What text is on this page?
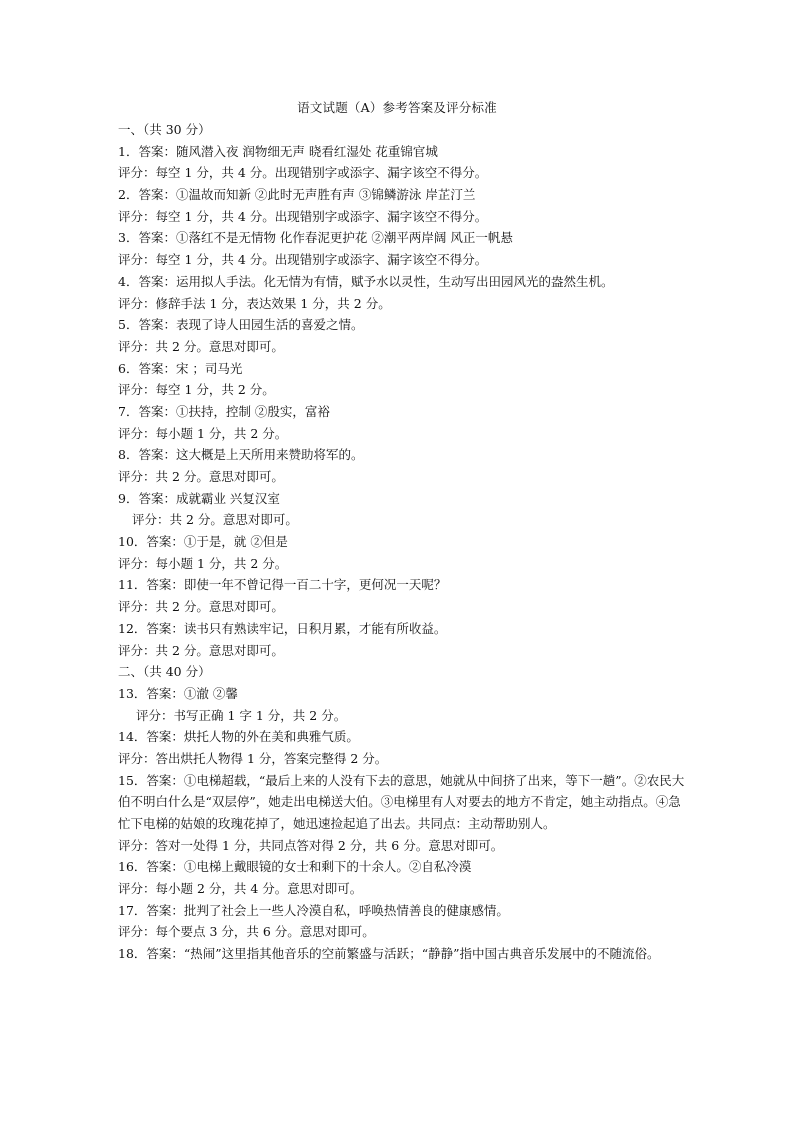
语文试题（A）参考答案及评分标准
一、（共 30 分）
1．答案：随风潜入夜 润物细无声 晓看红湿处 花重锦官城
评分：每空 1 分，共 4 分。出现错别字或添字、漏字该空不得分。
2．答案：①温故而知新 ②此时无声胜有声 ③锦鳞游泳 岸芷汀兰
评分：每空 1 分，共 4 分。出现错别字或添字、漏字该空不得分。
3．答案：①落红不是无情物 化作春泥更护花 ②潮平两岸阔 风正一帆悬
评分：每空 1 分，共 4 分。出现错别字或添字、漏字该空不得分。
4．答案：运用拟人手法。化无情为有情，赋予水以灵性，生动写出田园风光的盎然生机。
评分：修辞手法 1 分，表达效果 1 分，共 2 分。
5．答案：表现了诗人田园生活的喜爱之情。
评分：共 2 分。意思对即可。
6．答案：宋 ；司马光
评分：每空 1 分，共 2 分。
7．答案：①扶持，控制 ②殷实，富裕
评分：每小题 1 分，共 2 分。
8．答案：这大概是上天所用来赞助将军的。
评分：共 2 分。意思对即可。
9．答案：成就霸业 兴复汉室
评分：共 2 分。意思对即可。
10．答案：①于是，就 ②但是
评分：每小题 1 分，共 2 分。
11．答案：即使一年不曾记得一百二十字，更何况一天呢？
评分：共 2 分。意思对即可。
12．答案：读书只有熟读牢记，日积月累，才能有所收益。
评分：共 2 分。意思对即可。
二、（共 40 分）
13．答案：①澈 ②馨
评分：书写正确 1 字 1 分，共 2 分。
14．答案：烘托人物的外在美和典雅气质。
评分：答出烘托人物得 1 分，答案完整得 2 分。
15．答案：①电梯超载，“最后上来的人没有下去的意思，她就从中间挤了出来，等下一趟”。②农民大伯不明白什么是“双层停”，她走出电梯送大伯。③电梯里有人对要去的地方不肯定，她主动指点。④急忙下电梯的姑娘的玫瑰花掉了，她迅速捡起追了出去。共同点：主动帮助别人。
评分：答对一处得 1 分，共同点答对得 2 分，共 6 分。意思对即可。
16．答案：①电梯上戴眼镜的女士和剩下的十余人。②自私冷漠
评分：每小题 2 分，共 4 分。意思对即可。
17．答案：批判了社会上一些人冷漠自私，呼唤热情善良的健康感情。
评分：每个要点 3 分，共 6 分。意思对即可。
18．答案：“热闹”这里指其他音乐的空前繁盛与活跃；“静静”指中国古典音乐发展中的不随流俗。
